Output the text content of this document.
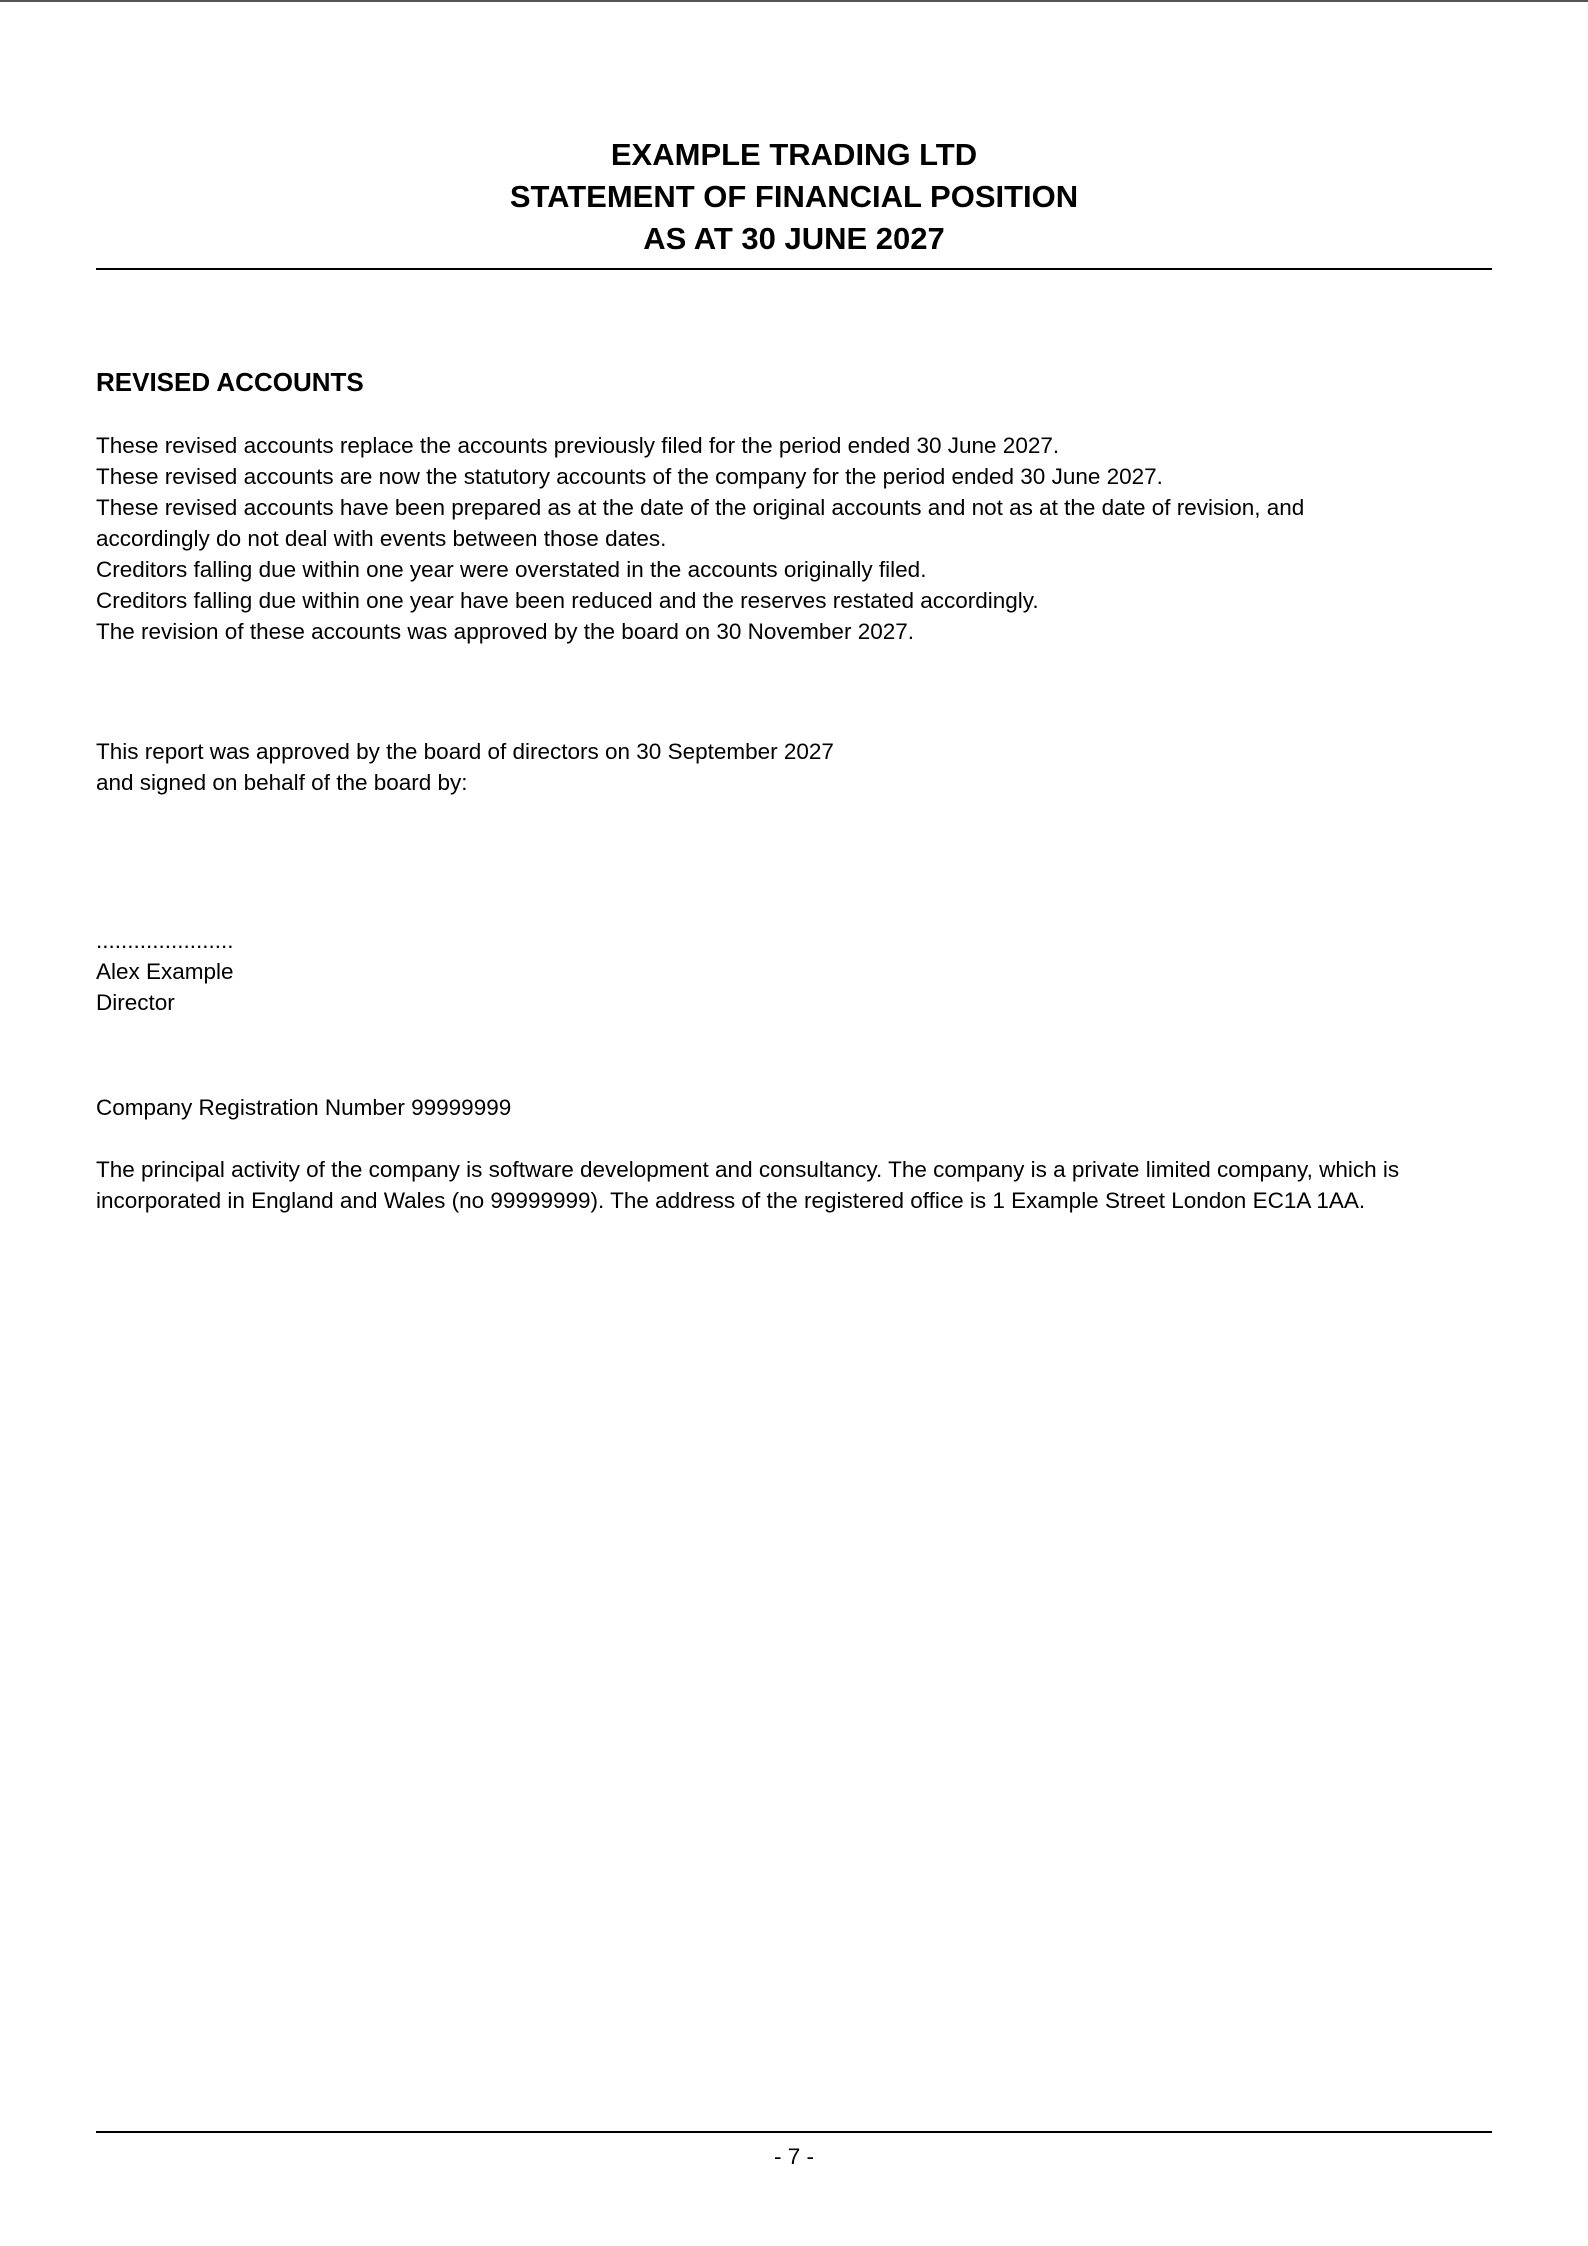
EXAMPLE TRADING LTD
STATEMENT OF FINANCIAL POSITION
AS AT 30 JUNE 2027
REVISED ACCOUNTS
These revised accounts replace the accounts previously filed for the period ended 30 June 2027.
These revised accounts are now the statutory accounts of the company for the period ended 30 June 2027.
These revised accounts have been prepared as at the date of the original accounts and not as at the date of revision, and
accordingly do not deal with events between those dates.
Creditors falling due within one year were overstated in the accounts originally filed.
Creditors falling due within one year have been reduced and the reserves restated accordingly.
The revision of these accounts was approved by the board on 30 November 2027.
This report was approved by the board of directors on 30 September 2027
and signed on behalf of the board by:
......................
Alex Example
Director
Company Registration Number 99999999
The principal activity of the company is software development and consultancy. The company is a private limited company, which is
incorporated in England and Wales (no 99999999). The address of the registered office is 1 Example Street London EC1A 1AA.
- 7 -
